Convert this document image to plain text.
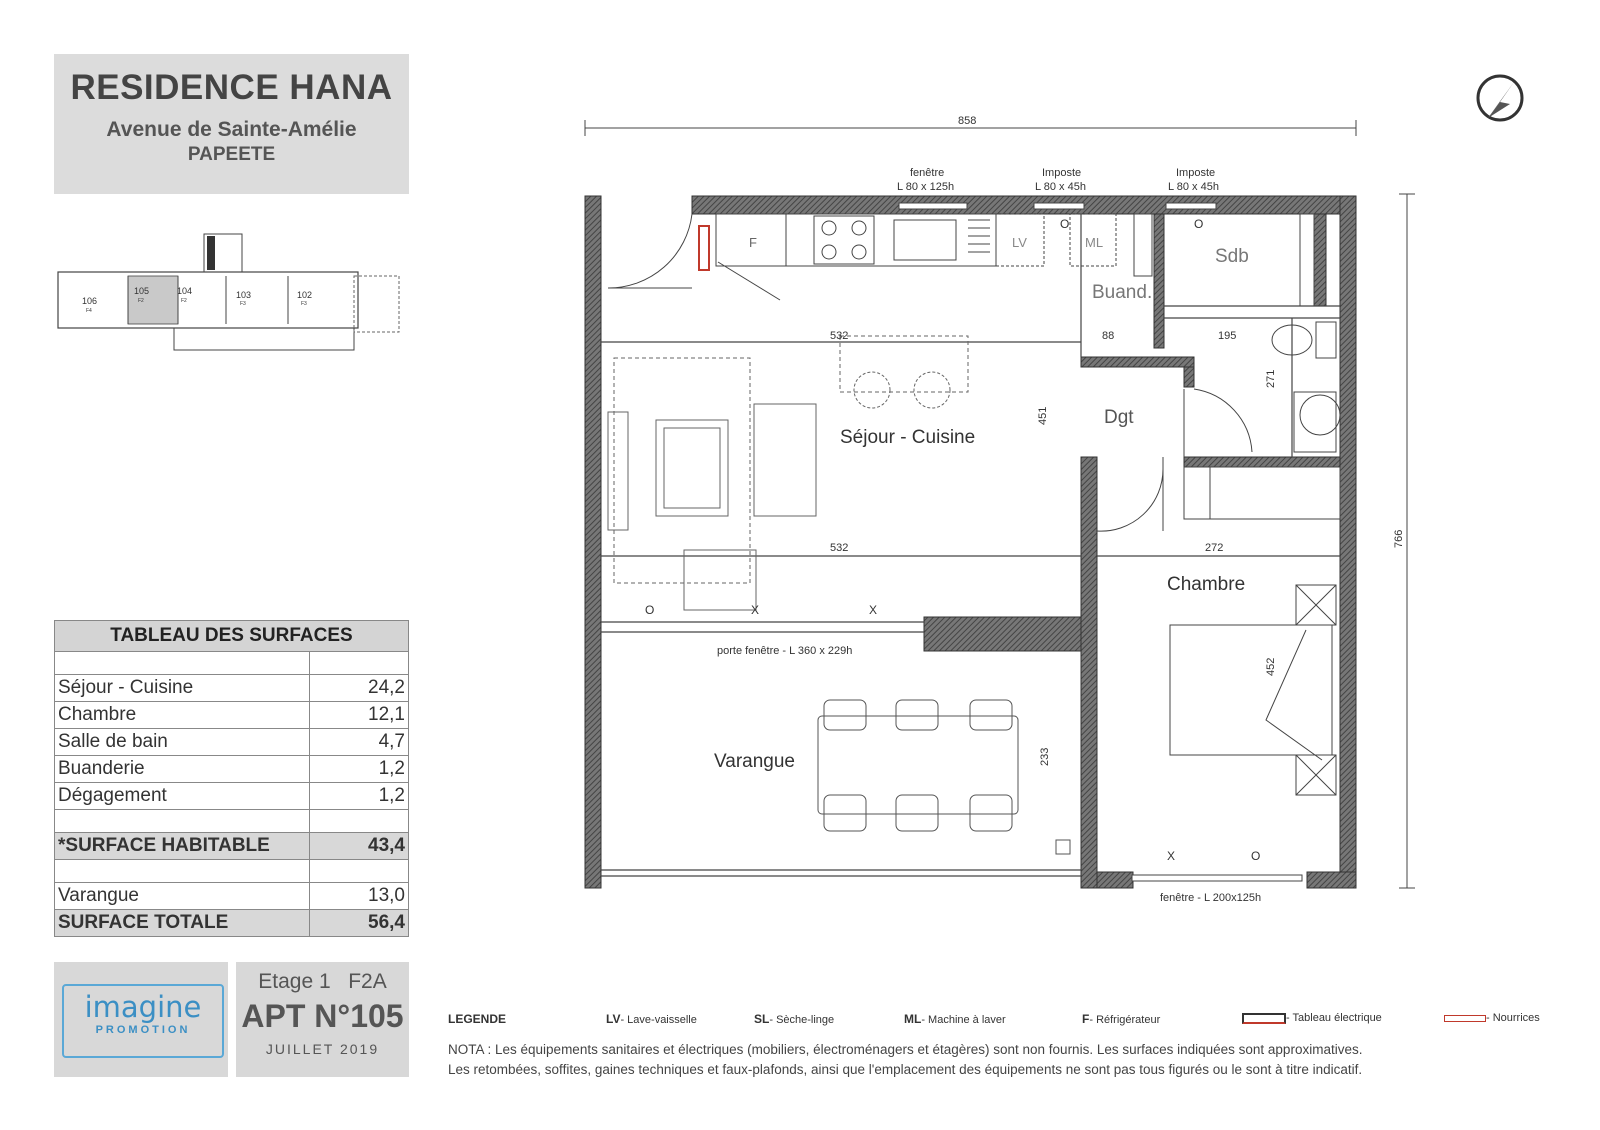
RESIDENCE HANA
Avenue de Sainte-Amélie
PAPEETE
106
105	104	103	102
F4
F2	F2	F3	F3
TABLEAU DES SURFACES	

Séjour - Cuisine	24,2
Chambre	12,1
Salle de bain	4,7
Buanderie	1,2
Dégagement	1,2

*SURFACE HABITABLE	43,4

Varangue	13,0
SURFACE TOTALE	56,4
imagine
PROMOTION
Etage 1 F2A
APT N°105
JUILLET 2019
858
766
F	LV	ML
Séjour - Cuisine
Chambre
Sdb
Buand.
Dgt
Varangue
532
532
88	195
272
451
271
452
233
fenêtre
L 80 x 125h
Imposte
L 80 x 45h
Imposte
L 80 x 45h
porte fenêtre - L 360 x 229h
fenêtre - L 200x125h
O	X	X
X	O
O	O
LEGENDE	LV- Lave-vaisselle	SL- Sèche-linge	ML- Machine à laver	F- Réfrigérateur	- Tableau électrique	- Nourrices
NOTA : Les équipements sanitaires et électriques (mobiliers, électroménagers et étagères) sont non fournis. Les surfaces indiquées sont approximatives.
Les retombées, soffites, gaines techniques et faux-plafonds, ainsi que l'emplacement des équipements ne sont pas tous figurés ou le sont à titre indicatif.
